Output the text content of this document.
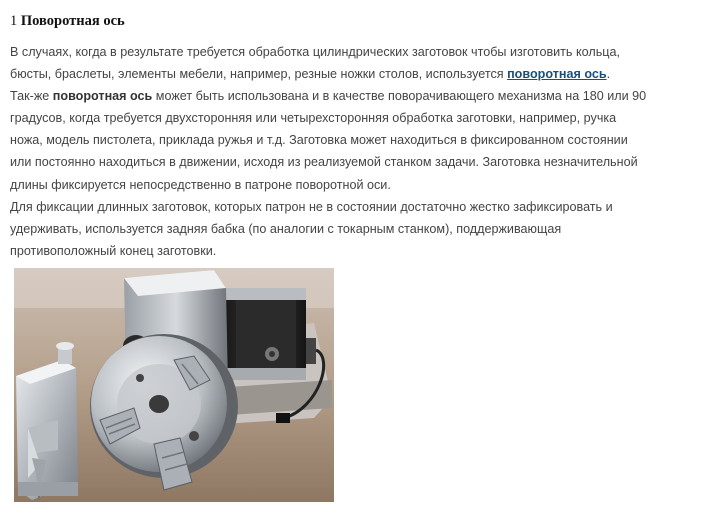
1 Поворотная ось
В случаях, когда в результате требуется обработка цилиндрических заготовок чтобы изготовить кольца,
бюсты, браслеты, элементы мебели, например, резные ножки столов, используется поворотная ось.
Так-же поворотная ось может быть использована и в качестве поворачивающего механизма на 180 или 90
градусов, когда требуется двухсторонняя или четырехсторонняя обработка заготовки, например, ручка
ножа, модель пистолета, приклада ружья и т.д. Заготовка может находиться в фиксированном состоянии
или постоянно находиться в движении, исходя из реализуемой станком задачи. Заготовка незначительной
длины фиксируется непосредственно в патроне поворотной оси.
Для фиксации длинных заготовок, которых патрон не в состоянии достаточно жестко зафиксировать и
удерживать, используется задняя бабка (по аналогии с токарным станком), поддерживающая
противоположный конец заготовки.
